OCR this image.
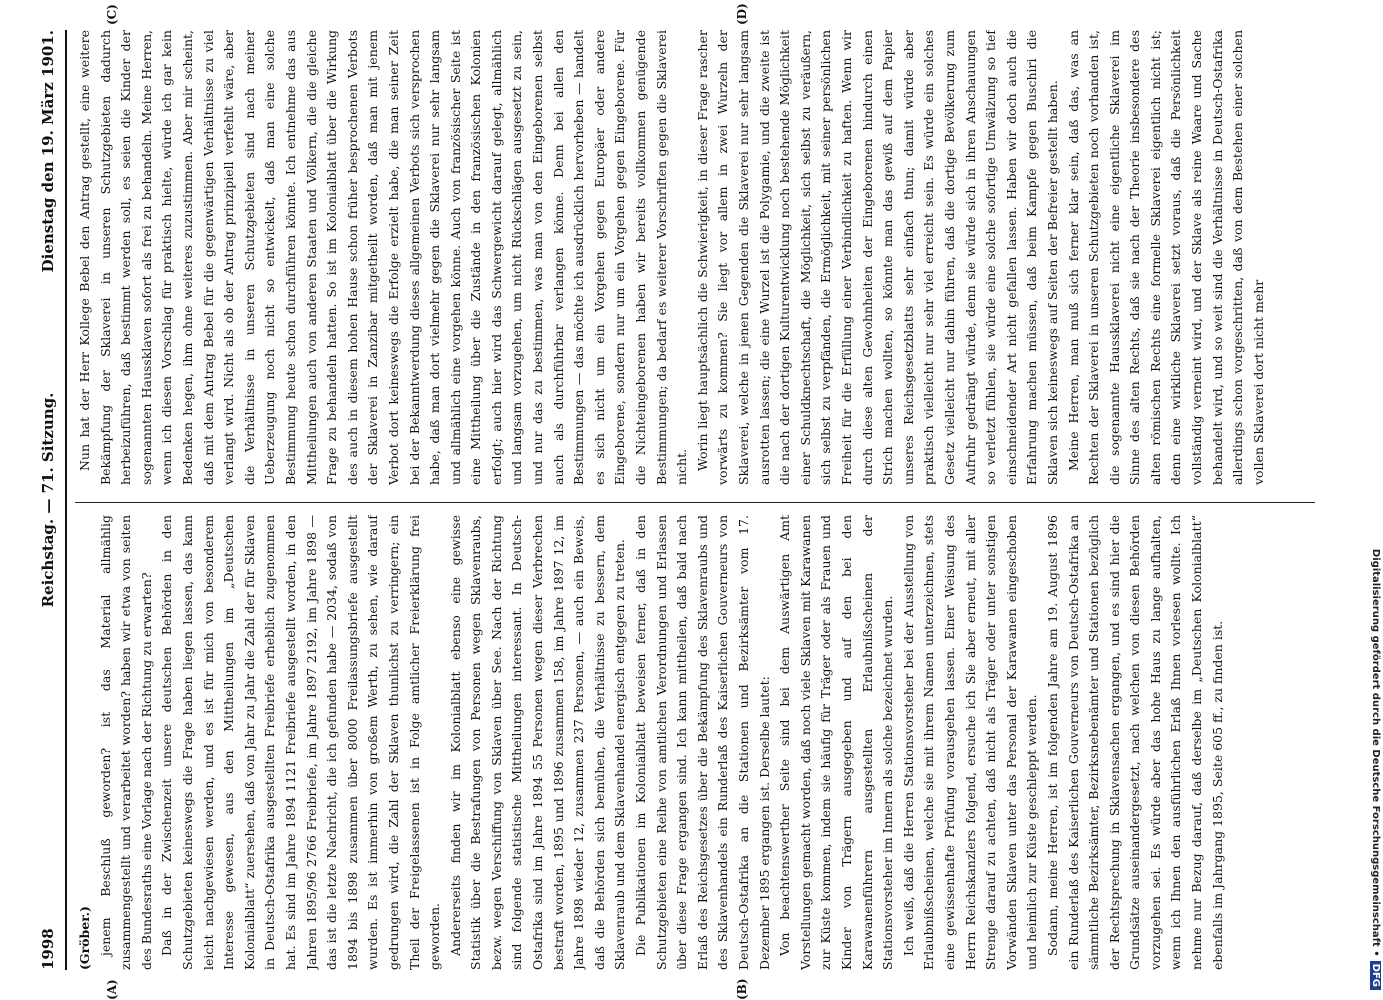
1998
Reichstag. — 71. Sitzung.
Dienstag den 19. März 1901.
(A)	(B)
(C)	(D)

(Gröber.) jenem Beschluß geworden? ist das Material allmählig zusammengestellt und verarbeitet worden? haben wir etwa von seiten des Bundesraths eine Vorlage nach der Richtung zu erwarten? Daß in der Zwischenzeit unsere deutschen Behörden in den Schutzgebieten keineswegs die Frage haben liegen lassen, das kann leicht nachgewiesen werden, und es ist für mich von besonderem Interesse gewesen, aus den Mittheilungen im „Deutschen Kolonialblatt“ zuersehen, daß von Jahr zu Jahr die Zahl der für Sklaven in Deutsch-Ostafrika ausgestellten Freibriefe erheblich zugenommen hat. Es sind im Jahre 1894 1121 Freibriefe ausgestellt worden, in den Jahren 1895/96 2766 Freibriefe, im Jahre 1897 2192, im Jahre 1898 — das ist die letzte Nachricht, die ich gefunden habe — 2034, sodaß von 1894 bis 1898 zusammen über 8000 Freilassungsbriefe ausgestellt wurden. Es ist immerhin von großem Werth, zu sehen, wie darauf gedrungen wird, die Zahl der Sklaven thunlichst zu verringern; ein Theil der Freigelassenen ist in Folge amtlicher Freierklärung frei geworden. Andererseits finden wir im Kolonialblatt ebenso eine gewisse Statistik über die Bestrafungen von Personen wegen Sklavenraubs, bezw. wegen Verschiffung von Sklaven über See. Nach der Richtung sind folgende statistische Mittheilungen interessant. In Deutsch-Ostafrika sind im Jahre 1894 55 Personen wegen dieser Verbrechen bestraft worden, 1895 und 1896 zusammen 158, im Jahre 1897 12, im Jahre 1898 wieder 12, zusammen 237 Personen, — auch ein Beweis, daß die Behörden sich bemühen, die Verhältnisse zu bessern, dem Sklavenraub und dem Sklavenhandel energisch entgegen zu treten. Die Publikationen im Kolonialblatt beweisen ferner, daß in den Schutzgebieten eine Reihe von amtlichen Verordnungen und Erlassen über diese Frage ergangen sind. Ich kann mittheilen, daß bald nach Erlaß des Reichsgesetzes über die Bekämpfung des Sklavenraubs und des Sklavenhandels ein Runderlaß des Kaiserlichen Gouverneurs von Deutsch-Ostafrika an die Stationen und Bezirksämter vom 17. Dezember 1895 ergangen ist. Derselbe lautet: Von beachtenswerther Seite sind bei dem Auswärtigen Amt Vorstellungen gemacht worden, daß noch viele Sklaven mit Karawanen zur Küste kommen, indem sie häufig für Träger oder als Frauen und Kinder von Trägern ausgegeben und auf den bei den Karawanenführern ausgestellten Erlaubnißscheinen der Stationsvorsteher im Innern als solche bezeichnet wurden. Ich weiß, daß die Herren Stationsvorsteher bei der Ausstellung von Erlaubnißscheinen, welche sie mit ihrem Namen unterzeichnen, stets eine gewissenhafte Prüfung vorausgehen lassen. Einer Weisung des Herrn Reichskanzlers folgend, ersuche ich Sie aber erneut, mit aller Strenge darauf zu achten, daß nicht als Träger oder unter sonstigen Vorwänden Sklaven unter das Personal der Karawanen eingeschoben und heimlich zur Küste geschleppt werden. Sodann, meine Herren, ist im folgenden Jahre am 19. August 1896 ein Runderlaß des Kaiserlichen Gouverneurs von Deutsch-Ostafrika an sämmtliche Bezirksämter, Bezirksnebenämter und Stationen bezüglich der Rechtsprechung in Sklavensachen ergangen, und es sind hier die Grundsätze auseinandergesetzt, nach welchen von diesen Behörden vorzugehen sei. Es würde aber das hohe Haus zu lange aufhalten, wenn ich Ihnen den ausführlichen Erlaß Ihnen vorlesen wollte. Ich nehme nur Bezug darauf, daß derselbe im „Deutschen Kolonialblatt“ ebenfalls im Jahrgang 1895, Seite 605 ff., zu finden ist.

Nun hat der Herr Kollege Bebel den Antrag gestellt, eine weitere Bekämpfung der Sklaverei in unseren Schutzgebieten dadurch herbeizuführen, daß bestimmt werden soll, es seien die Kinder der sogenannten Haussklaven sofort als frei zu behandeln. Meine Herren, wenn ich diesen Vorschlag für praktisch hielte, würde ich gar kein Bedenken hegen, ihm ohne weiteres zuzustimmen. Aber mir scheint, daß mit dem Antrag Bebel für die gegenwärtigen Verhältnisse zu viel verlangt wird. Nicht als ob der Antrag prinzipiell verfehlt wäre, aber die Verhältnisse in unseren Schutzgebieten sind nach meiner Ueberzeugung noch nicht so entwickelt, daß man eine solche Bestimmung heute schon durchführen könnte. Ich entnehme das aus Mittheilungen auch von anderen Staaten und Völkern, die die gleiche Frage zu behandeln hatten. So ist im Kolonialblatt über die Wirkung des auch in diesem hohen Hause schon früher besprochenen Verbots der Sklaverei in Zanzibar mitgetheilt worden, daß man mit jenem Verbot dort keineswegs die Erfolge erzielt habe, die man seiner Zeit bei der Bekanntwerdung dieses allgemeinen Verbots sich versprochen habe, daß man dort vielmehr gegen die Sklaverei nur sehr langsam und allmählich eine vorgehen könne. Auch von französischer Seite ist eine Mittheilung über die Zustände in den französischen Kolonien erfolgt; auch hier wird das Schwergewicht darauf gelegt, allmählich und langsam vorzugehen, um nicht Rückschlägen ausgesetzt zu sein, und nur das zu bestimmen, was man von den Eingeborenen selbst auch als durchführbar verlangen könne. Denn bei allen den Bestimmungen — das möchte ich ausdrücklich hervorheben — handelt es sich nicht um ein Vorgehen gegen Europäer oder andere Eingeborene, sondern nur um ein Vorgehen gegen Eingeborene. Für die Nichteingeborenen haben wir bereits vollkommen genügende Bestimmungen; da bedarf es weiterer Vorschriften gegen die Sklaverei nicht. Worin liegt hauptsächlich die Schwierigkeit, in dieser Frage rascher vorwärts zu kommen? Sie liegt vor allem in zwei Wurzeln der Sklaverei, welche in jenen Gegenden die Sklaverei nur sehr langsam ausrotten lassen; die eine Wurzel ist die Polygamie, und die zweite ist die nach der dortigen Kulturentwicklung noch bestehende Möglichkeit einer Schuldknechtschaft, die Möglichkeit, sich selbst zu veräußern, sich selbst zu verpfänden, die Ermöglichkeit, mit seiner persönlichen Freiheit für die Erfüllung einer Verbindlichkeit zu haften. Wenn wir durch diese alten Gewohnheiten der Eingeborenen hindurch einen Strich machen wollten, so könnte man das gewiß auf dem Papier unseres Reichsgesetzblatts sehr einfach thun; damit würde aber praktisch vielleicht nur sehr viel erreicht sein. Es würde ein solches Gesetz vielleicht nur dahin führen, daß die dortige Bevölkerung zum Aufruhr gedrängt würde, denn sie würde sich in ihren Anschauungen so verletzt fühlen, sie würde eine solche sofortige Umwälzung so tief einschneidender Art nicht gefallen lassen. Haben wir doch auch die Erfahrung machen müssen, daß beim Kampfe gegen Buschiri die Sklaven sich keineswegs auf Seiten der Befreier gestellt haben. Meine Herren, man muß sich ferner klar sein, daß das, was an Rechten der Sklaverei in unseren Schutzgebieten noch vorhanden ist, die sogenannte Haussklaverei nicht eine eigentliche Sklaverei im Sinne des alten Rechts, daß sie nach der Theorie insbesondere des alten römischen Rechts eine formelle Sklaverei eigentlich nicht ist; denn eine wirkliche Sklaverei setzt voraus, daß die Persönlichkeit vollständig verneint wird, und der Sklave als reine Waare und Sache behandelt wird, und so weit sind die Verhältnisse in Deutsch-Ostafrika allerdings schon vorgeschritten, daß von dem Bestehen einer solchen vollen Sklaverei dort nicht mehr

Digitalisierung gefördert durch die Deutsche Forschungsgemeinschaft •DFG
